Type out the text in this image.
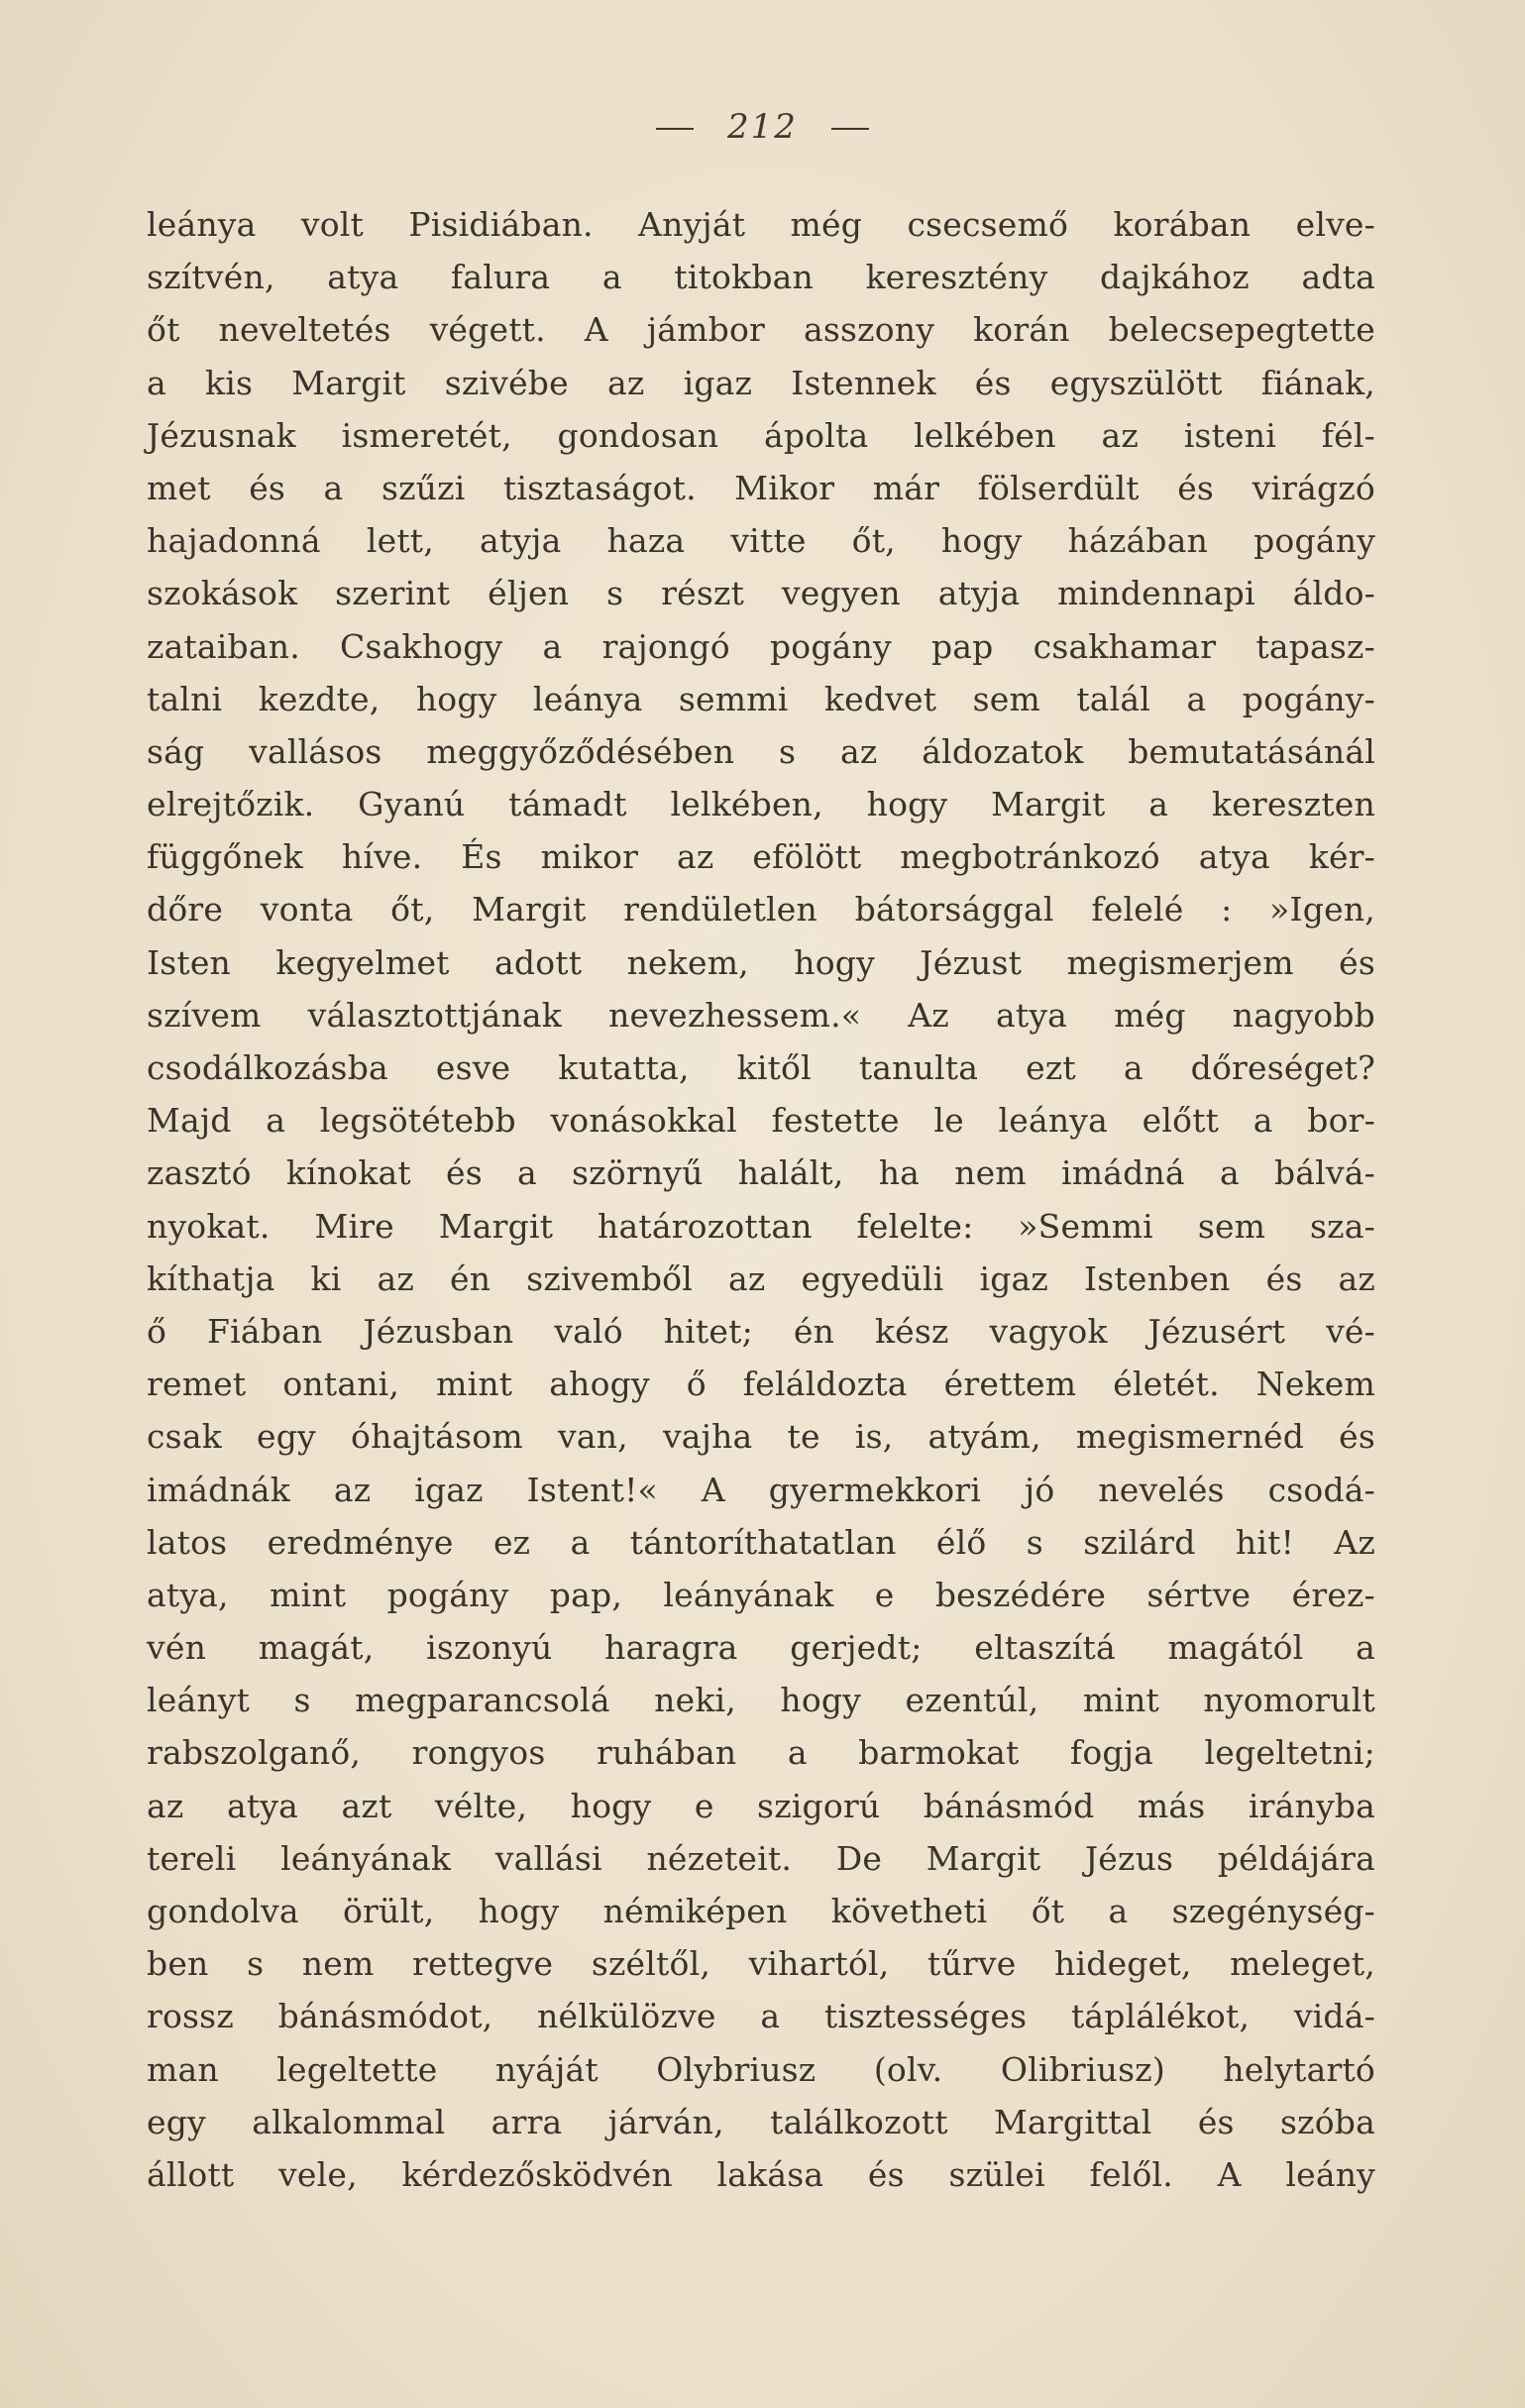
212
leánya volt Pisidiában. Anyját még csecsemő korában elve-
szítvén, atya falura a titokban keresztény dajkához adta
őt neveltetés végett. A jámbor asszony korán belecsepegtette
a kis Margit szivébe az igaz Istennek és egyszülött fiának,
Jézusnak ismeretét, gondosan ápolta lelkében az isteni fél-
met és a szűzi tisztaságot. Mikor már fölserdült és virágzó
hajadonná lett, atyja haza vitte őt, hogy házában pogány
szokások szerint éljen s részt vegyen atyja mindennapi áldo-
zataiban. Csakhogy a rajongó pogány pap csakhamar tapasz-
talni kezdte, hogy leánya semmi kedvet sem talál a pogány-
ság vallásos meggyőződésében s az áldozatok bemutatásánál
elrejtőzik. Gyanú támadt lelkében, hogy Margit a kereszten
függőnek híve. És mikor az efölött megbotránkozó atya kér-
dőre vonta őt, Margit rendületlen bátorsággal felelé : »Igen,
Isten kegyelmet adott nekem, hogy Jézust megismerjem és
szívem választottjának nevezhessem.« Az atya még nagyobb
csodálkozásba esve kutatta, kitől tanulta ezt a dőreséget?
Majd a legsötétebb vonásokkal festette le leánya előtt a bor-
zasztó kínokat és a szörnyű halált, ha nem imádná a bálvá-
nyokat. Mire Margit határozottan felelte: »Semmi sem sza-
kíthatja ki az én szivemből az egyedüli igaz Istenben és az
ő Fiában Jézusban való hitet; én kész vagyok Jézusért vé-
remet ontani, mint ahogy ő feláldozta érettem életét. Nekem
csak egy óhajtásom van, vajha te is, atyám, megismernéd és
imádnák az igaz Istent!« A gyermekkori jó nevelés csodá-
latos eredménye ez a tántoríthatatlan élő s szilárd hit! Az
atya, mint pogány pap, leányának e beszédére sértve érez-
vén magát, iszonyú haragra gerjedt; eltaszítá magától a
leányt s megparancsolá neki, hogy ezentúl, mint nyomorult
rabszolganő, rongyos ruhában a barmokat fogja legeltetni;
az atya azt vélte, hogy e szigorú bánásmód más irányba
tereli leányának vallási nézeteit. De Margit Jézus példájára
gondolva örült, hogy némiképen követheti őt a szegénység-
ben s nem rettegve széltől, vihartól, tűrve hideget, meleget,
rossz bánásmódot, nélkülözve a tisztességes táplálékot, vidá-
man legeltette nyáját Olybriusz (olv. Olibriusz) helytartó
egy alkalommal arra járván, találkozott Margittal és szóba
állott vele, kérdezősködvén lakása és szülei felől. A leány
